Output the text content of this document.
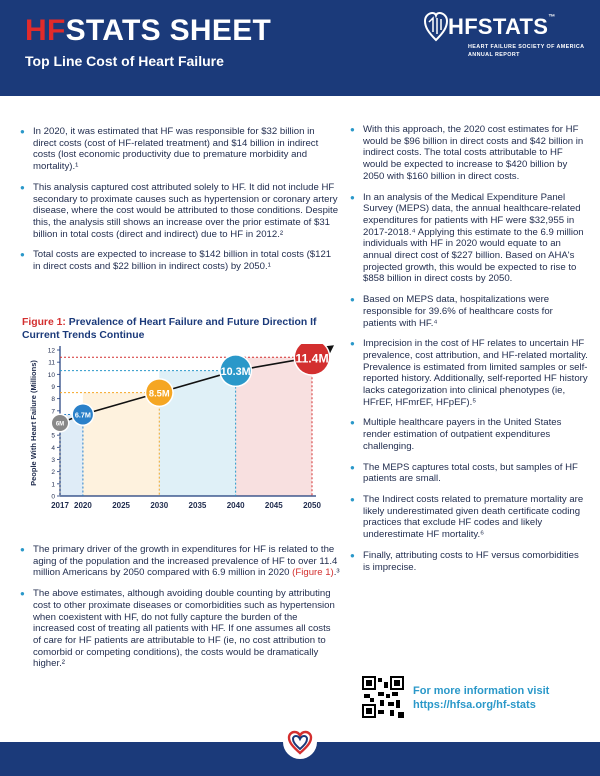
HFSTATS SHEET
Top Line Cost of Heart Failure
HFSTATS™
HEART FAILURE SOCIETY OF AMERICA
ANNUAL REPORT
● In 2020, it was estimated that HF was responsible for $32 billion in direct costs (cost of HF-related treatment) and $14 billion in indirect costs (lost economic productivity due to premature morbidity and mortality).¹
● This analysis captured cost attributed solely to HF. It did not include HF secondary to proximate causes such as hypertension or coronary artery disease, where the cost would be attributed to those conditions. Despite this, the analysis still shows an increase over the prior estimate of $31 billion in total costs (direct and indirect) due to HF in 2012.²
● Total costs are expected to increase to $142 billion in total costs ($121 in direct costs and $22 billion in indirect costs) by 2050.¹
Figure 1: Prevalence of Heart Failure and Future Direction If Current Trends Continue
0
1
2
3
4
5
7
8
9
10
11
12
2017 2020	2025	2030	2035	2040	2045	2050
People With Heart Failure (Millions)	6M
6.7M
8.5M
10.3M
11.4M
● The primary driver of the growth in expenditures for HF is related to the aging of the population and the increased prevalence of HF to over 11.4 million Americans by 2050 compared with 6.9 million in 2020 (Figure 1).³
● The above estimates, although avoiding double counting by attributing cost to other proximate diseases or comorbidities such as hypertension when coexistent with HF, do not fully capture the burden of the increased cost of treating all patients with HF. If one assumes all costs of care for HF patients are attributable to HF (ie, no cost attribution to comorbid or competing conditions), the costs would be dramatically higher.²
● With this approach, the 2020 cost estimates for HF would be $96 billion in direct costs and $42 billion in indirect costs. The total costs attributable to HF would be expected to increase to $420 billion by 2050 with $160 billion in direct costs.
● In an analysis of the Medical Expenditure Panel Survey (MEPS) data, the annual healthcare-related expenditures for patients with HF were $32,955 in 2017-2018.⁴ Applying this estimate to the 6.9 million individuals with HF in 2020 would equate to an annual direct cost of $227 billion. Based on AHA's projected growth, this would be expected to rise to $858 billion in direct costs by 2050.
● Based on MEPS data, hospitalizations were responsible for 39.6% of healthcare costs for patients with HF.⁴
● Imprecision in the cost of HF relates to uncertain HF prevalence, cost attribution, and HF-related mortality. Prevalence is estimated from limited samples or self-reported history. Additionally, self-reported HF history lacks categorization into clinical phenotypes (ie, HFrEF, HFmrEF, HFpEF).⁵
● Multiple healthcare payers in the United States render estimation of outpatient expenditures challenging.
● The MEPS captures total costs, but samples of HF patients are small.
● The Indirect costs related to premature mortality are likely underestimated given death certificate coding practices that exclude HF codes and likely underestimate HF mortality.⁶
● Finally, attributing costs to HF versus comorbidities is imprecise.
For more information visit
https://hfsa.org/hf-stats
